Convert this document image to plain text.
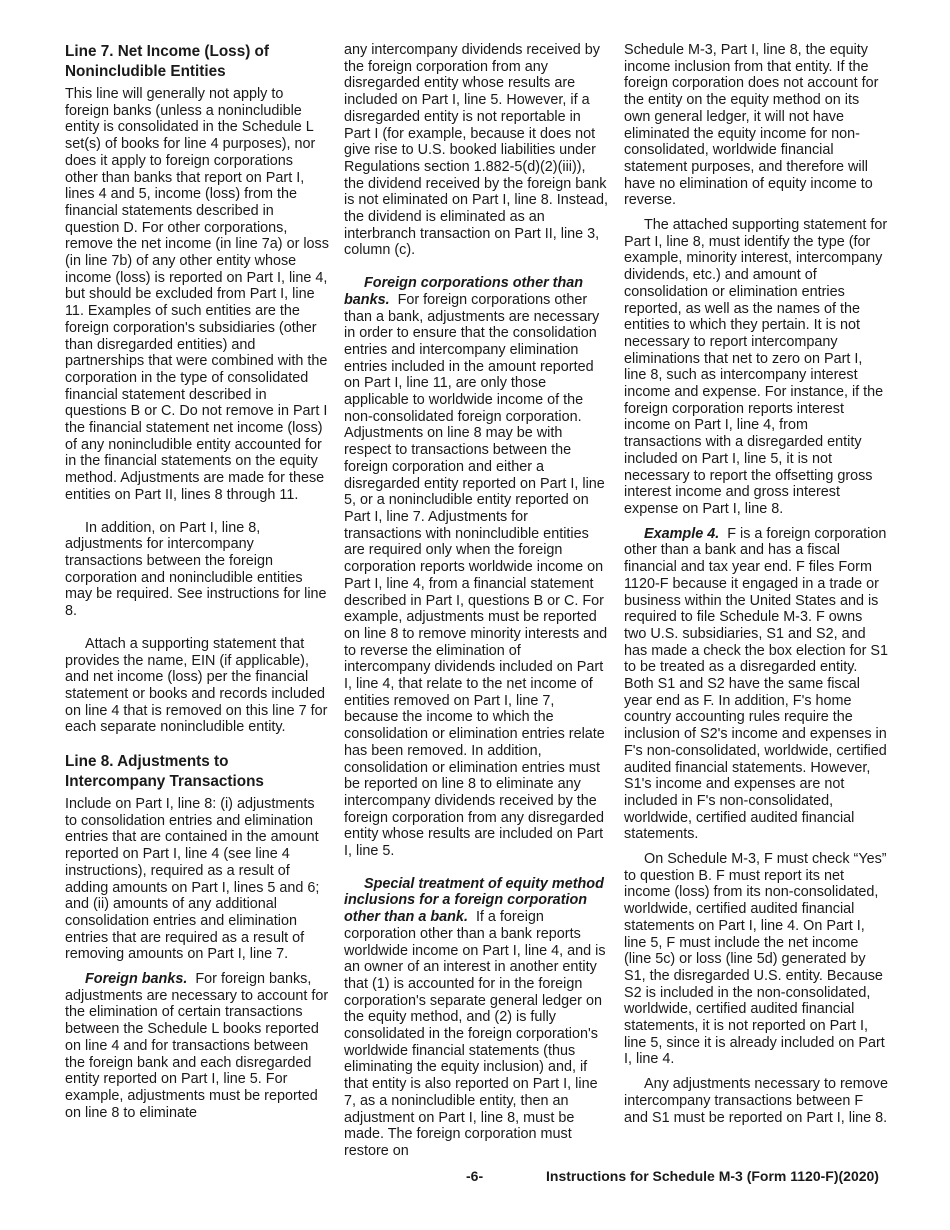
Line 7. Net Income (Loss) of Nonincludible Entities

This line will generally not apply to foreign banks (unless a nonincludible entity is consolidated in the Schedule L set(s) of books for line 4 purposes), nor does it apply to foreign corporations other than banks that report on Part I, lines 4 and 5, income (loss) from the financial statements described in question D. For other corporations, remove the net income (in line 7a) or loss (in line 7b) of any other entity whose income (loss) is reported on Part I, line 4, but should be excluded from Part I, line 11. Examples of such entities are the foreign corporation's subsidiaries (other than disregarded entities) and partnerships that were combined with the corporation in the type of consolidated financial statement described in questions B or C. Do not remove in Part I the financial statement net income (loss) of any nonincludible entity accounted for in the financial statements on the equity method. Adjustments are made for these entities on Part II, lines 8 through 11.

In addition, on Part I, line 8, adjustments for intercompany transactions between the foreign corporation and nonincludible entities may be required. See instructions for line 8.

Attach a supporting statement that provides the name, EIN (if applicable), and net income (loss) per the financial statement or books and records included on line 4 that is removed on this line 7 for each separate nonincludible entity.

Line 8. Adjustments to Intercompany Transactions

Include on Part I, line 8: (i) adjustments to consolidation entries and elimination entries that are contained in the amount reported on Part I, line 4 (see line 4 instructions), required as a result of adding amounts on Part I, lines 5 and 6; and (ii) amounts of any additional consolidation entries and elimination entries that are required as a result of removing amounts on Part I, line 7.

Foreign banks. For foreign banks, adjustments are necessary to account for the elimination of certain transactions between the Schedule L books reported on line 4 and for transactions between the foreign bank and each disregarded entity reported on Part I, line 5. For example, adjustments must be reported on line 8 to eliminate

any intercompany dividends received by the foreign corporation from any disregarded entity whose results are included on Part I, line 5. However, if a disregarded entity is not reportable in Part I (for example, because it does not give rise to U.S. booked liabilities under Regulations section 1.882-5(d)(2)(iii)), the dividend received by the foreign bank is not eliminated on Part I, line 8. Instead, the dividend is eliminated as an interbranch transaction on Part II, line 3, column (c).

Foreign corporations other than banks. For foreign corporations other than a bank, adjustments are necessary in order to ensure that the consolidation entries and intercompany elimination entries included in the amount reported on Part I, line 11, are only those applicable to worldwide income of the non-consolidated foreign corporation. Adjustments on line 8 may be with respect to transactions between the foreign corporation and either a disregarded entity reported on Part I, line 5, or a nonincludible entity reported on Part I, line 7. Adjustments for transactions with nonincludible entities are required only when the foreign corporation reports worldwide income on Part I, line 4, from a financial statement described in Part I, questions B or C. For example, adjustments must be reported on line 8 to remove minority interests and to reverse the elimination of intercompany dividends included on Part I, line 4, that relate to the net income of entities removed on Part I, line 7, because the income to which the consolidation or elimination entries relate has been removed. In addition, consolidation or elimination entries must be reported on line 8 to eliminate any intercompany dividends received by the foreign corporation from any disregarded entity whose results are included on Part I, line 5.

Special treatment of equity method inclusions for a foreign corporation other than a bank. If a foreign corporation other than a bank reports worldwide income on Part I, line 4, and is an owner of an interest in another entity that (1) is accounted for in the foreign corporation's separate general ledger on the equity method, and (2) is fully consolidated in the foreign corporation's worldwide financial statements (thus eliminating the equity inclusion) and, if that entity is also reported on Part I, line 7, as a nonincludible entity, then an adjustment on Part I, line 8, must be made. The foreign corporation must restore on

Schedule M-3, Part I, line 8, the equity income inclusion from that entity. If the foreign corporation does not account for the entity on the equity method on its own general ledger, it will not have eliminated the equity income for non-consolidated, worldwide financial statement purposes, and therefore will have no elimination of equity income to reverse.

The attached supporting statement for Part I, line 8, must identify the type (for example, minority interest, intercompany dividends, etc.) and amount of consolidation or elimination entries reported, as well as the names of the entities to which they pertain. It is not necessary to report intercompany eliminations that net to zero on Part I, line 8, such as intercompany interest income and expense. For instance, if the foreign corporation reports interest income on Part I, line 4, from transactions with a disregarded entity included on Part I, line 5, it is not necessary to report the offsetting gross interest income and gross interest expense on Part I, line 8.

Example 4. F is a foreign corporation other than a bank and has a fiscal financial and tax year end. F files Form 1120-F because it engaged in a trade or business within the United States and is required to file Schedule M-3. F owns two U.S. subsidiaries, S1 and S2, and has made a check the box election for S1 to be treated as a disregarded entity. Both S1 and S2 have the same fiscal year end as F. In addition, F's home country accounting rules require the inclusion of S2's income and expenses in F's non-consolidated, worldwide, certified audited financial statements. However, S1's income and expenses are not included in F's non-consolidated, worldwide, certified audited financial statements.

On Schedule M-3, F must check “Yes” to question B. F must report its net income (loss) from its non-consolidated, worldwide, certified audited financial statements on Part I, line 4. On Part I, line 5, F must include the net income (line 5c) or loss (line 5d) generated by S1, the disregarded U.S. entity. Because S2 is included in the non-consolidated, worldwide, certified audited financial statements, it is not reported on Part I, line 5, since it is already included on Part I, line 4.

Any adjustments necessary to remove intercompany transactions between F and S1 must be reported on Part I, line 8.

-6-	Instructions for Schedule M-3 (Form 1120-F)(2020)
